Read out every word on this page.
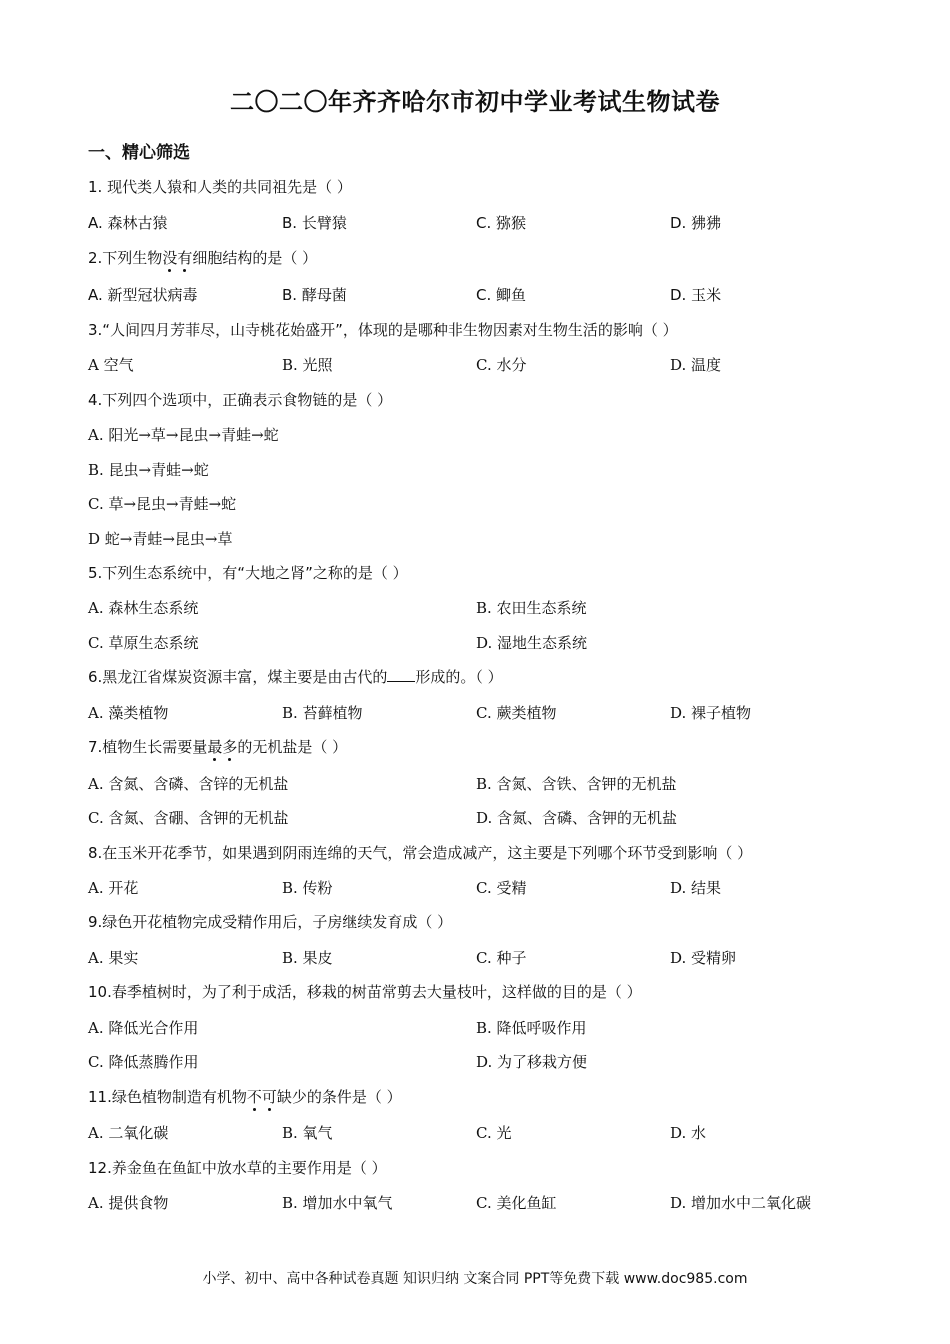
二〇二〇年齐齐哈尔市初中学业考试生物试卷
一、精心筛选
1. 现代类人猿和人类的共同祖先是（ ）
A. 森林古猿	B. 长臂猿	C. 猕猴	D. 狒狒
2.下列生物没有细胞结构的是（ ）
A. 新型冠状病毒	B. 酵母菌	C. 鲫鱼	D. 玉米
3.“人间四月芳菲尽，山寺桃花始盛开”，体现的是哪种非生物因素对生物生活的影响（ ）
A 空气	B. 光照	C. 水分	D. 温度
4.下列四个选项中，正确表示食物链的是（ ）
A. 阳光→草→昆虫→青蛙→蛇
B. 昆虫→青蛙→蛇
C. 草→昆虫→青蛙→蛇
D 蛇→青蛙→昆虫→草
5.下列生态系统中，有“大地之肾”之称的是（ ）
A. 森林生态系统	B. 农田生态系统
C. 草原生态系统	D. 湿地生态系统
6.黑龙江省煤炭资源丰富，煤主要是由古代的 形成的。（ ）
A. 藻类植物	B. 苔藓植物	C. 蕨类植物	D. 裸子植物
7.植物生长需要量最多的无机盐是（ ）
A. 含氮、含磷、含锌的无机盐	B. 含氮、含铁、含钾的无机盐
C. 含氮、含硼、含钾的无机盐	D. 含氮、含磷、含钾的无机盐
8.在玉米开花季节，如果遇到阴雨连绵的天气，常会造成减产，这主要是下列哪个环节受到影响（ ）
A. 开花	B. 传粉	C. 受精	D. 结果
9.绿色开花植物完成受精作用后，子房继续发育成（ ）
A. 果实	B. 果皮	C. 种子	D. 受精卵
10.春季植树时，为了利于成活，移栽的树苗常剪去大量枝叶，这样做的目的是（ ）
A. 降低光合作用	B. 降低呼吸作用
C. 降低蒸腾作用	D. 为了移栽方便
11.绿色植物制造有机物不可缺少的条件是（ ）
A. 二氧化碳	B. 氧气	C. 光	D. 水
12.养金鱼在鱼缸中放水草的主要作用是（ ）
A. 提供食物	B. 增加水中氧气	C. 美化鱼缸	D. 增加水中二氧化碳
小学、初中、高中各种试卷真题 知识归纳 文案合同 PPT等免费下载 www.doc985.com
